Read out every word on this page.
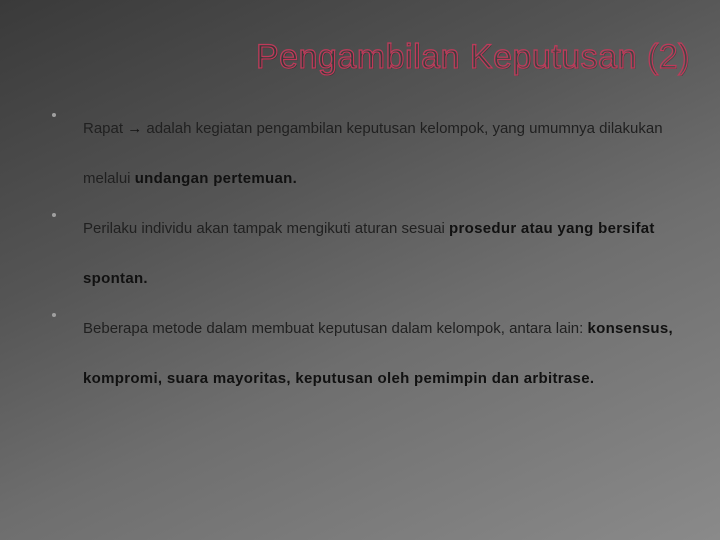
Pengambilan Keputusan (2)

Rapat → adalah kegiatan pengambilan keputusan kelompok, yang umumnya dilakukan melalui undangan pertemuan.

Perilaku individu akan tampak mengikuti aturan sesuai prosedur atau yang bersifat spontan.

Beberapa metode dalam membuat keputusan dalam kelompok, antara lain: konsensus, kompromi, suara mayoritas, keputusan oleh pemimpin dan arbitrase.
